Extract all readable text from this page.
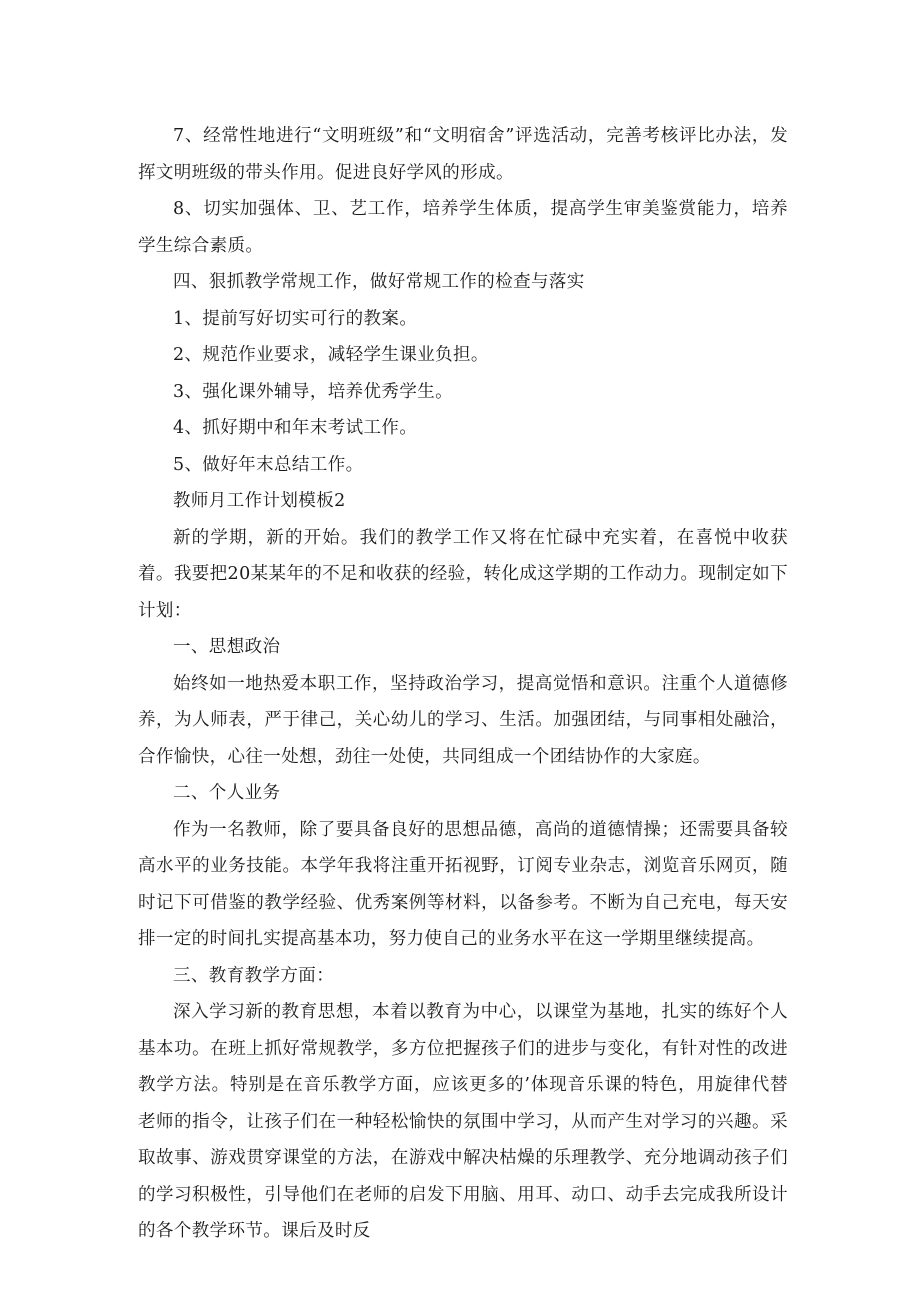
7、经常性地进行“文明班级”和“文明宿舍”评选活动，完善考核评比办法，发挥文明班级的带头作用。促进良好学风的形成。

8、切实加强体、卫、艺工作，培养学生体质，提高学生审美鉴赏能力，培养学生综合素质。

四、狠抓教学常规工作，做好常规工作的检查与落实

1、提前写好切实可行的教案。

2、规范作业要求，减轻学生课业负担。

3、强化课外辅导，培养优秀学生。

4、抓好期中和年末考试工作。

5、做好年末总结工作。

教师月工作计划模板2

新的学期，新的开始。我们的教学工作又将在忙碌中充实着，在喜悦中收获着。我要把20某某年的不足和收获的经验，转化成这学期的工作动力。现制定如下计划：

一、思想政治

始终如一地热爱本职工作，坚持政治学习，提高觉悟和意识。注重个人道德修养，为人师表，严于律己，关心幼儿的学习、生活。加强团结，与同事相处融洽，合作愉快，心往一处想，劲往一处使，共同组成一个团结协作的大家庭。

二、个人业务

作为一名教师，除了要具备良好的思想品德，高尚的道德情操；还需要具备较高水平的业务技能。本学年我将注重开拓视野，订阅专业杂志，浏览音乐网页，随时记下可借鉴的教学经验、优秀案例等材料，以备参考。不断为自己充电，每天安排一定的时间扎实提高基本功，努力使自己的业务水平在这一学期里继续提高。

三、教育教学方面：

深入学习新的教育思想，本着以教育为中心，以课堂为基地，扎实的练好个人基本功。在班上抓好常规教学，多方位把握孩子们的进步与变化，有针对性的改进教学方法。特别是在音乐教学方面，应该更多的’体现音乐课的特色，用旋律代替老师的指令，让孩子们在一种轻松愉快的氛围中学习，从而产生对学习的兴趣。采取故事、游戏贯穿课堂的方法，在游戏中解决枯燥的乐理教学、充分地调动孩子们的学习积极性，引导他们在老师的启发下用脑、用耳、动口、动手去完成我所设计的各个教学环节。课后及时反
